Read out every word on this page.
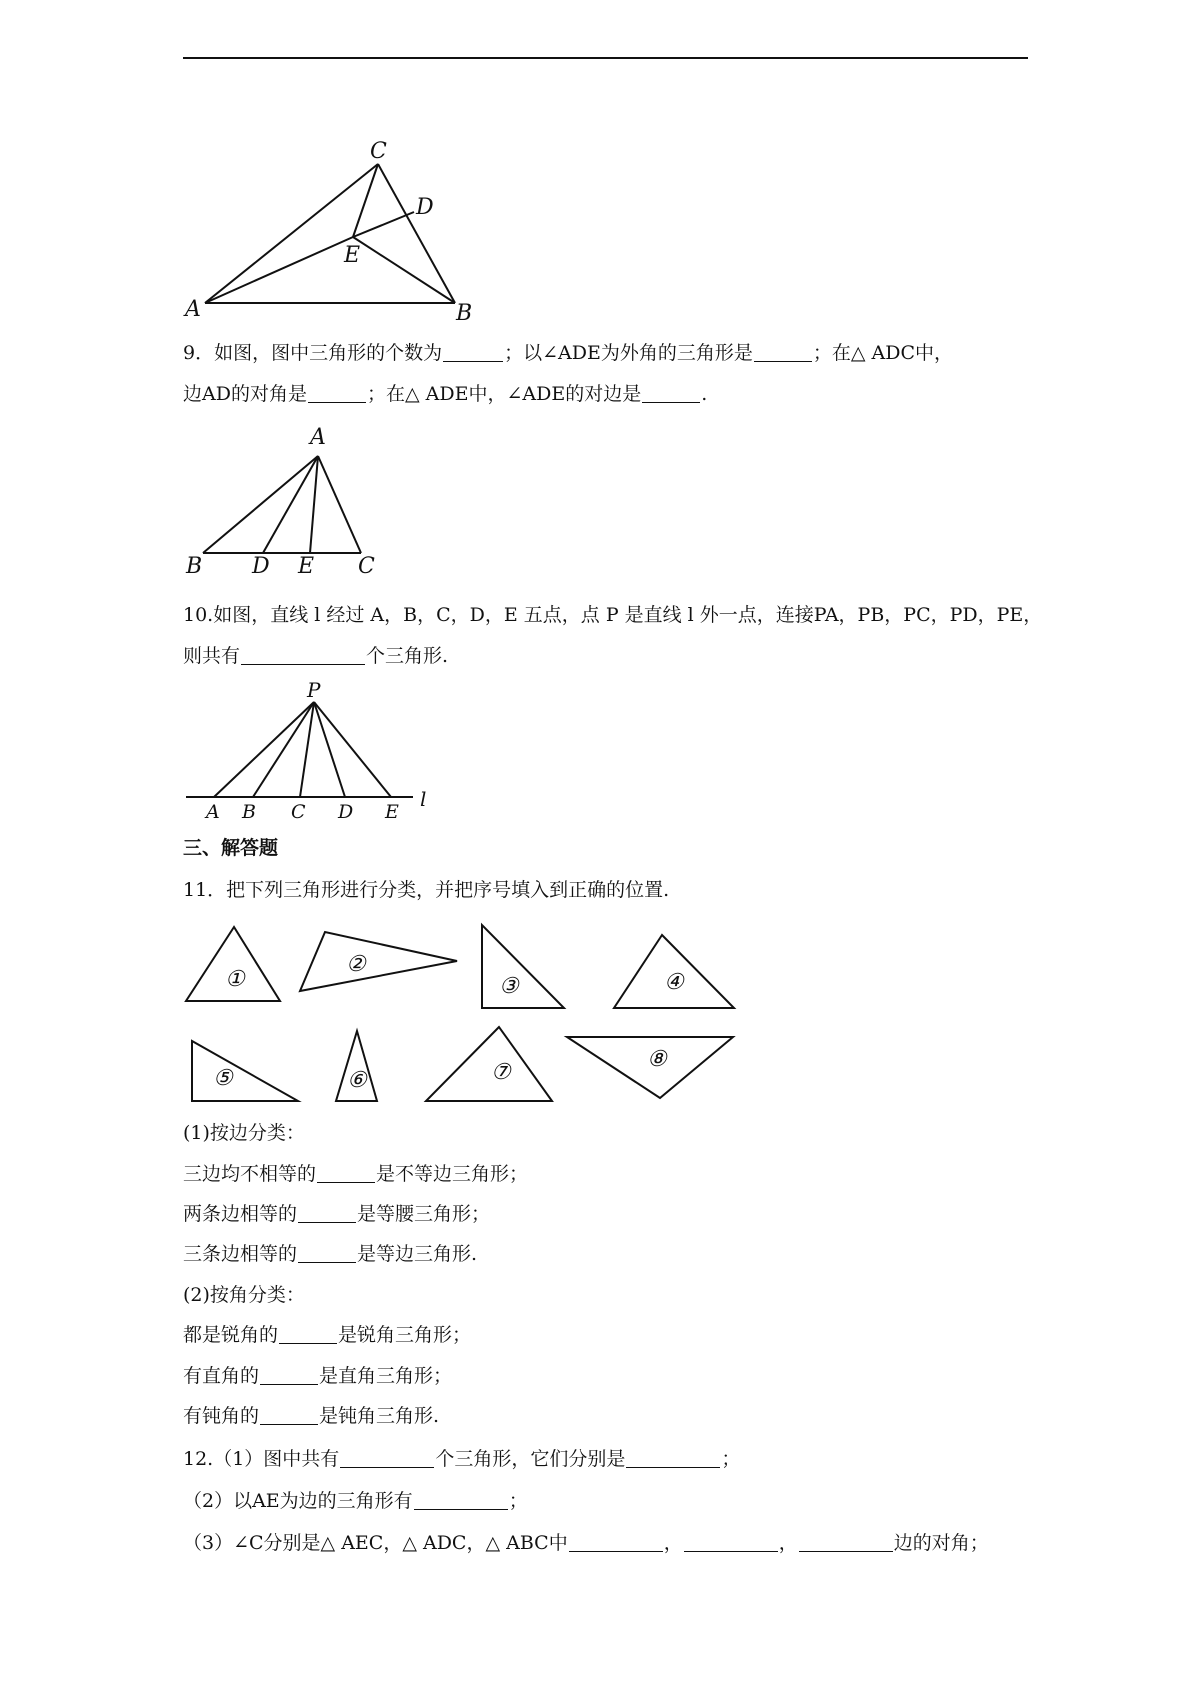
C
D
E
A	B
9．如图，图中三角形的个数为	；以∠ADE为外角的三角形是	；在△ ADC中，
边AD的对角是	；在△ ADE中，∠ADE的对边是	.
A
B D E C
10.如图，直线 l 经过 A，B，C，D，E 五点，点 P 是直线 l 外一点，连接PA，PB，PC，PD，PE，
则共有	个三角形.
P
A B C D E
l
三、解答题
11．把下列三角形进行分类，并把序号填入到正确的位置.
①
②
③	④
⑤	⑥	⑦
⑧
(1)按边分类：
三边均不相等的	是不等边三角形；
两条边相等的	是等腰三角形；
三条边相等的	是等边三角形.
(2)按角分类：
都是锐角的	是锐角三角形；
有直角的	是直角三角形；
有钝角的	是钝角三角形.
12.（1）图中共有	个三角形，它们分别是	；
（2）以AE为边的三角形有	；
（3）∠C分别是△ AEC，△ ADC，△ ABC中	，	，	边的对角；
